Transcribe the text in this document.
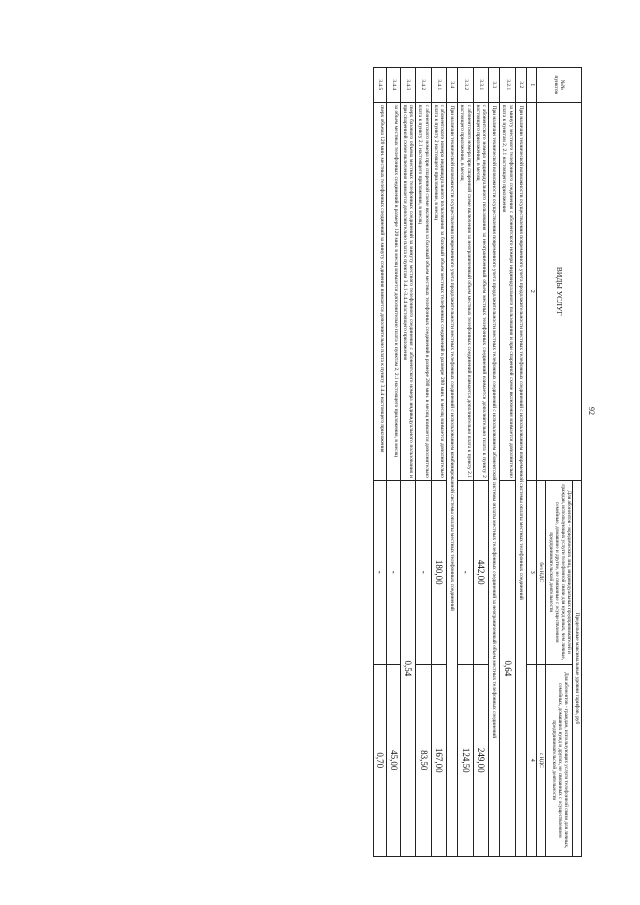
92
№№ пунктов	ВИДЫ УСЛУГ	Предельные максимальные уровни тарифов, руб	
		Для абонентов - юридических лиц, индивидуальных предпринимателей и граждан, использующих услуги телефонной связи для нужд иных, чем личные, семейные, домашние и другие, не связанные с осуществлением предпринимательской деятельности	Для абонентов - граждан, использующих услуги телефонной связи для личных, семейных, домашних нужд и других, не связанных с осуществлением предпринимательской деятельности
		без НДС	с НДС
1	2	3	4
3.2	При наличии технической возможности осуществления повременного учета продолжительности местных телефонных соединений с использованием повременной системы оплаты местных телефонных соединений		
3.2.1	за минуту местного телефонного соединения с абонентского номера индивидуального пользования и при спаренной схеме включения взимается дополнительно плата к пунктам 2, 2.1 настоящего приложения	0,64	
3.3	При наличии технической возможности осуществления повременного учета продолжительности местных телефонных соединений с использованием абонентской системы оплаты местных телефонных соединений за неограниченный объем местных телефонных соединений		
3.3.1	с абонентского номера индивидуального пользования за неограниченный объем местных телефонных соединений взимается дополнительно плата к пункту 2 настоящего приложения, в месяц	442,00	249,00
3.3.2	с абонентского номера при спаренной схеме включения за неограниченный объем местных телефонных соединений взимается дополнительно плата к пункту 2.1 настоящего приложения, в месяц	-	124,50
3.4	При наличии технической возможности осуществления повременного учета продолжительности местных телефонных соединений с использованием комбинированной системы оплаты местных телефонных соединений		
3.4.1	с абонентского номера индивидуального пользования за базовый объем местных телефонных соединений в размере 280 мин. в месяц взимается дополнительно плата к пункту 2 настоящего приложения, в месяц	180,00	167,00
3.4.2	с абонентского номера при спаренной схеме включения за базовый объем местных телефонных соединений в размере 280 мин. в месяц взимается дополнительно плата к пункту 2.1 настоящего приложения, в месяц	-	83,50
3.4.3	сверх базового объема местных телефонных соединений за минуту местного телефонного соединения с абонентского номера индивидуального пользования и при спаренной схеме включения взимается дополнительно плата к пунктам 3.4.1-3.4.4 настоящего приложения	0,54	
3.4.4	за объем местных телефонных соединений в размере 120 мин. в месяц взимается дополнительно плата к пунктам 2, 2.1 настоящего приложения, в месяц	-	45,00
3.4.5	сверх объема 120 мин. местных телефонных соединений за минуту соединения взимается дополнительно плата к пункту 3.4.4 настоящего приложения	-	0,70
